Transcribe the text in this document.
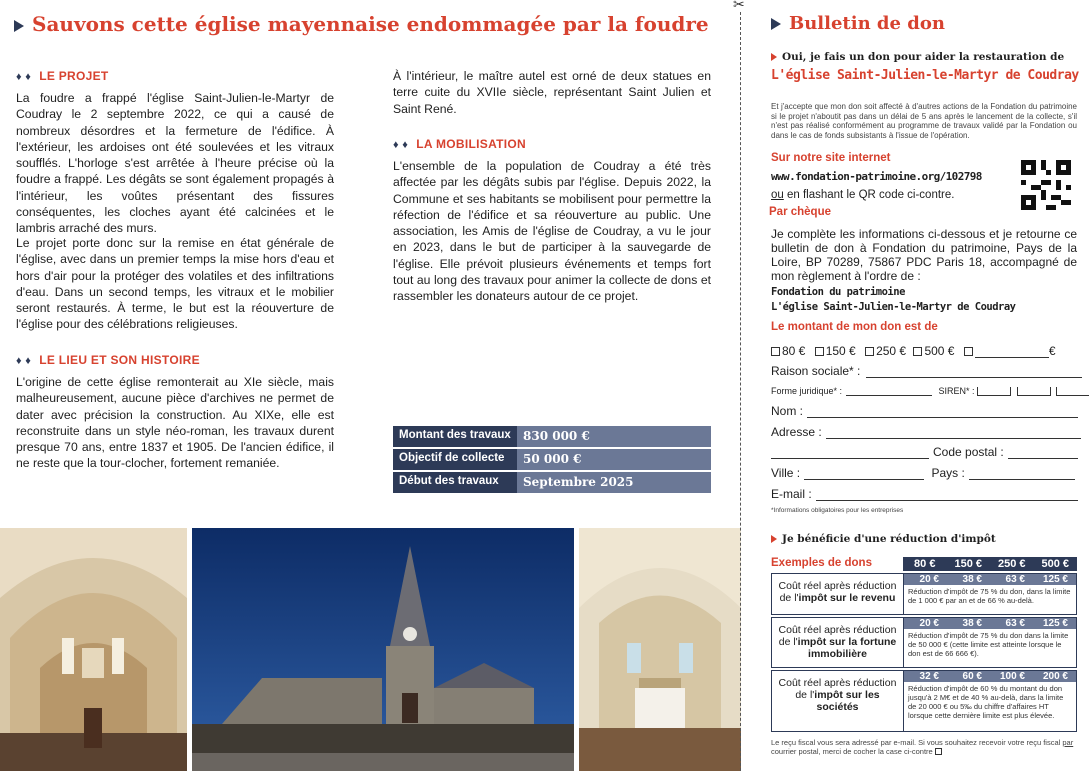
Sauvons cette église mayennaise endommagée par la foudre
♦ ♦ LE PROJET
La foudre a frappé l'église Saint-Julien-le-Martyr de Coudray le 2 septembre 2022, ce qui a causé de nombreux désordres et la fermeture de l'édifice. À l'extérieur, les ardoises ont été soulevées et les vitraux soufflés. L'horloge s'est arrêtée à l'heure précise où la foudre a frappé. Les dégâts se sont également propagés à l'intérieur, les voûtes présentant des fissures conséquentes, les cloches ayant été calcinées et le lambris arraché des murs.
Le projet porte donc sur la remise en état générale de l'église, avec dans un premier temps la mise hors d'eau et hors d'air pour la protéger des volatiles et des infiltrations d'eau. Dans un second temps, les vitraux et le mobilier seront restaurés. À terme, le but est la réouverture de l'église pour des célébrations religieuses.
♦ ♦ LE LIEU ET SON HISTOIRE
L'origine de cette église remonterait au XIe siècle, mais malheureusement, aucune pièce d'archives ne permet de dater avec précision la construction. Au XIXe, elle est reconstruite dans un style néo-roman, les travaux durent presque 70 ans, entre 1837 et 1905. De l'ancien édifice, il ne reste que la tour-clocher, fortement remaniée.
À l'intérieur, le maître autel est orné de deux statues en terre cuite du XVIIe siècle, représentant Saint Julien et Saint René.
♦ ♦ LA MOBILISATION
L'ensemble de la population de Coudray a été très affectée par les dégâts subis par l'église. Depuis 2022, la Commune et ses habitants se mobilisent pour permettre la réfection de l'édifice et sa réouverture au public. Une association, les Amis de l'église de Coudray, a vu le jour en 2023, dans le but de participer à la sauvegarde de l'église. Elle prévoit plusieurs événements et temps fort tout au long des travaux pour animer la collecte de dons et rassembler les donateurs autour de ce projet.
Montant des travaux	830 000 €
Objectif de collecte	50 000 €
Début des travaux	Septembre 2025
✂
Bulletin de don
Oui, je fais un don pour aider la restauration de
L'église Saint-Julien-le-Martyr de Coudray
Et j'accepte que mon don soit affecté à d'autres actions de la Fondation du patrimoine si le projet n'aboutit pas dans un délai de 5 ans après le lancement de la collecte, s'il n'est pas réalisé conformément au programme de travaux validé par la Fondation ou dans le cas de fonds subsistants à l'issue de l'opération.
Sur notre site internet
www.fondation-patrimoine.org/102798
ou en flashant le QR code ci-contre.
Par chèque
Je complète les informations ci-dessous et je retourne ce bulletin de don à Fondation du patrimoine, Pays de la Loire, BP 70289, 75867 PDC Paris 18, accompagné de mon règlement à l'ordre de :
Fondation du patrimoine
L'église Saint-Julien-le-Martyr de Coudray
Le montant de mon don est de
80 € 150 € 250 € 500 €	€
Raison sociale* :
Forme juridique* :	SIREN* :
Nom :
Adresse :
Code postal :
Ville :	Pays :
E-mail :
*Informations obligatoires pour les entreprises
Je bénéficie d'une réduction d'impôt
Exemples de dons	80 €	150 €	250 €	500 €
Coût réel après réduction de l'impôt sur le revenu
20 €	38 €	63 €	125 €
Réduction d'impôt de 75 % du don, dans la limite de 1 000 € par an et de 66 % au-delà.
Coût réel après réduction de l'impôt sur la fortune immobilière
20 €	38 €	63 €	125 €
Réduction d'impôt de 75 % du don dans la limite de 50 000 € (cette limite est atteinte lorsque le don est de 66 666 €).
Coût réel après réduction de l'impôt sur les sociétés
32 €	60 €	100 €	200 €
Réduction d'impôt de 60 % du montant du don jusqu'à 2 M€ et de 40 % au-delà, dans la limite de 20 000 € ou 5‰ du chiffre d'affaires HT lorsque cette dernière limite est plus élevée.
Le reçu fiscal vous sera adressé par e-mail. Si vous souhaitez recevoir votre reçu fiscal par courrier postal, merci de cocher la case ci-contre
